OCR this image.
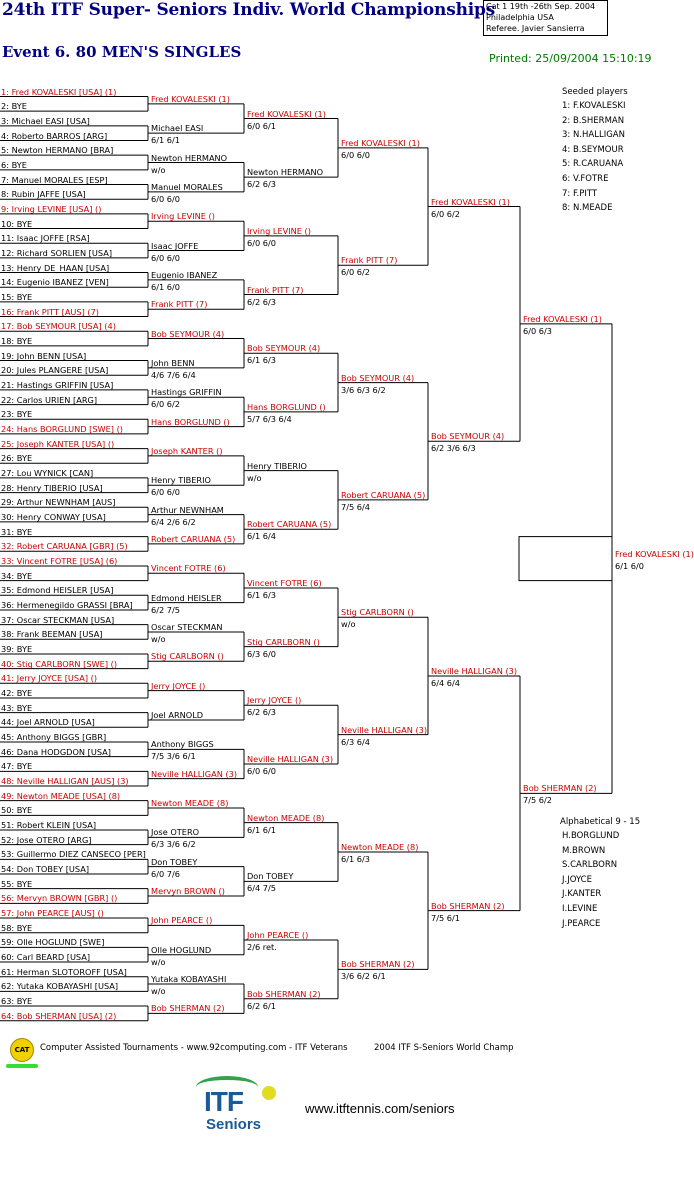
24th ITF Super- Seniors Indiv. World Championships
Event 6. 80 MEN'S SINGLES
Cat 1 19th -26th Sep. 2004
Philadelphia USA
Referee. Javier Sansierra
Printed: 25/09/2004 15:10:19
1: Fred KOVALESKI [USA] (1)
2: BYE
3: Michael EASI [USA]
4: Roberto BARROS [ARG]
5: Newton HERMANO [BRA]
6: BYE
7: Manuel MORALES [ESP]
8: Rubin JAFFE [USA]
9: Irving LEVINE [USA] ()
10: BYE
11: Isaac JOFFE [RSA]
12: Richard SORLIEN [USA]
13: Henry DE_HAAN [USA]
14: Eugenio IBANEZ [VEN]
15: BYE
16: Frank PITT [AUS] (7)
17: Bob SEYMOUR [USA] (4)
18: BYE
19: John BENN [USA]
20: Jules PLANGERE [USA]
21: Hastings GRIFFIN [USA]
22: Carlos URIEN [ARG]
23: BYE
24: Hans BORGLUND [SWE] ()
25: Joseph KANTER [USA] ()
26: BYE
27: Lou WYNICK [CAN]
28: Henry TIBERIO [USA]
29: Arthur NEWNHAM [AUS]
30: Henry CONWAY [USA]
31: BYE
32: Robert CARUANA [GBR] (5)
33: Vincent FOTRE [USA] (6)
34: BYE
35: Edmond HEISLER [USA]
36: Hermenegildo GRASSI [BRA]
37: Oscar STECKMAN [USA]
38: Frank BEEMAN [USA]
39: BYE
40: Stig CARLBORN [SWE] ()
41: Jerry JOYCE [USA] ()
42: BYE
43: BYE
44: Joel ARNOLD [USA]
45: Anthony BIGGS [GBR]
46: Dana HODGDON [USA]
47: BYE
48: Neville HALLIGAN [AUS] (3)
49: Newton MEADE [USA] (8)
50: BYE
51: Robert KLEIN [USA]
52: Jose OTERO [ARG]
53: Guillermo DIEZ CANSECO [PER]
54: Don TOBEY [USA]
55: BYE
56: Mervyn BROWN [GBR] ()
57: John PEARCE [AUS] ()
58: BYE
59: Olle HOGLUND [SWE]
60: Carl BEARD [USA]
61: Herman SLOTOROFF [USA]
62: Yutaka KOBAYASHI [USA]
63: BYE
64: Bob SHERMAN [USA] (2)
Fred KOVALESKI (1)
Michael EASI
6/1 6/1
Newton HERMANO
w/o
Manuel MORALES
6/0 6/0
Irving LEVINE ()
Isaac JOFFE
6/0 6/0
Eugenio IBANEZ
6/1 6/0
Frank PITT (7)
Bob SEYMOUR (4)
John BENN
4/6 7/6 6/4
Hastings GRIFFIN
6/0 6/2
Hans BORGLUND ()
Joseph KANTER ()
Henry TIBERIO
6/0 6/0
Arthur NEWNHAM
6/4 2/6 6/2
Robert CARUANA (5)
Vincent FOTRE (6)
Edmond HEISLER
6/2 7/5
Oscar STECKMAN
w/o
Stig CARLBORN ()
Jerry JOYCE ()
Joel ARNOLD
Anthony BIGGS
7/5 3/6 6/1
Neville HALLIGAN (3)
Newton MEADE (8)
Jose OTERO
6/3 3/6 6/2
Don TOBEY
6/0 7/6
Mervyn BROWN ()
John PEARCE ()
Olle HOGLUND
w/o
Yutaka KOBAYASHI
w/o
Bob SHERMAN (2)
Fred KOVALESKI (1)
6/0 6/1
Newton HERMANO
6/2 6/3
Irving LEVINE ()
6/0 6/0
Frank PITT (7)
6/2 6/3
Bob SEYMOUR (4)
6/1 6/3
Hans BORGLUND ()
5/7 6/3 6/4
Henry TIBERIO
w/o
Robert CARUANA (5)
6/1 6/4
Vincent FOTRE (6)
6/1 6/3
Stig CARLBORN ()
6/3 6/0
Jerry JOYCE ()
6/2 6/3
Neville HALLIGAN (3)
6/0 6/0
Newton MEADE (8)
6/1 6/1
Don TOBEY
6/4 7/5
John PEARCE ()
2/6 ret.
Bob SHERMAN (2)
6/2 6/1
Fred KOVALESKI (1)
6/0 6/0
Frank PITT (7)
6/0 6/2
Bob SEYMOUR (4)
3/6 6/3 6/2
Robert CARUANA (5)
7/5 6/4
Stig CARLBORN ()
w/o
Neville HALLIGAN (3)
6/3 6/4
Newton MEADE (8)
6/1 6/3
Bob SHERMAN (2)
3/6 6/2 6/1
Fred KOVALESKI (1)
6/0 6/2
Bob SEYMOUR (4)
6/2 3/6 6/3
Neville HALLIGAN (3)
6/4 6/4
Bob SHERMAN (2)
7/5 6/1
Fred KOVALESKI (1)
6/0 6/3
Bob SHERMAN (2)
7/5 6/2
Fred KOVALESKI (1)
6/1 6/0
Seeded players
1: F.KOVALESKI
2: B.SHERMAN
3: N.HALLIGAN
4: B.SEYMOUR
5: R.CARUANA
6: V.FOTRE
7: F.PITT
8: N.MEADE
Alphabetical 9 - 15
H.BORGLUND
M.BROWN
S.CARLBORN
J.JOYCE
J.KANTER
I.LEVINE
J.PEARCE
CAT	Computer Assisted Tournaments - www.92computing.com - ITF Veterans	2004 ITF S-Seniors World Champ
ITF
Seniors
www.itftennis.com/seniors
